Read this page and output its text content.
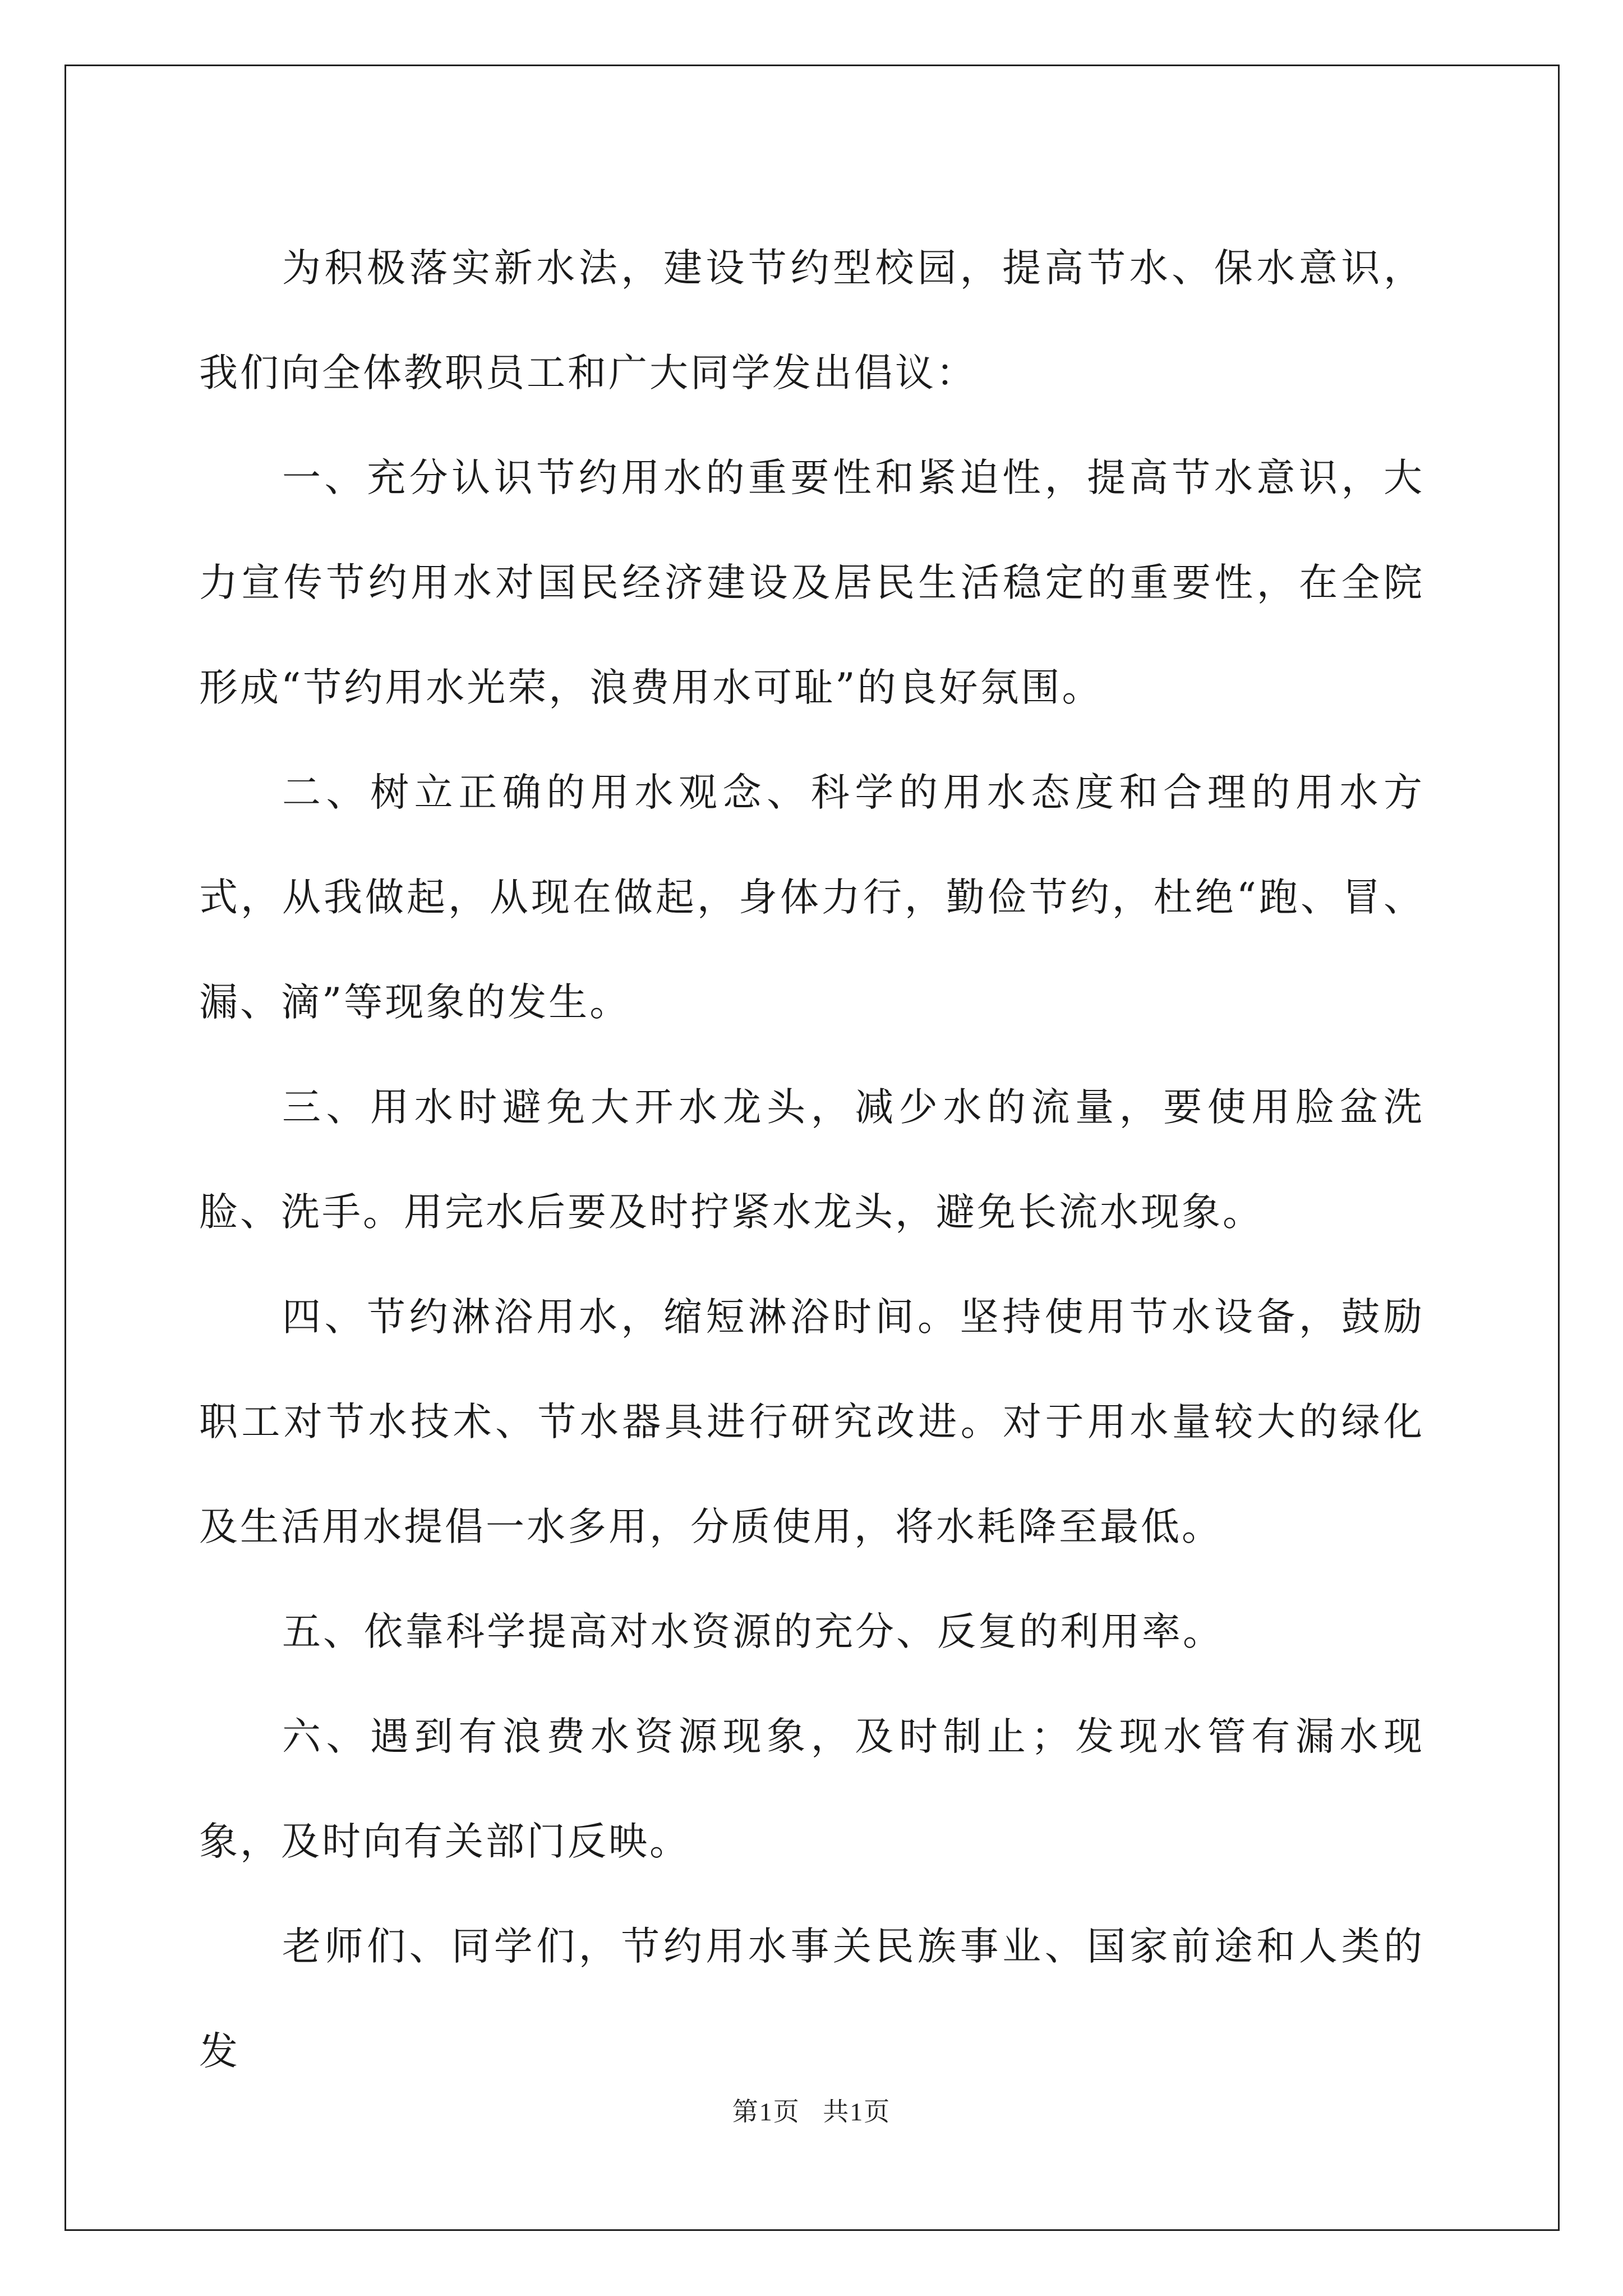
为积极落实新水法，建设节约型校园，提高节水、保水意识，我们向全体教职员工和广大同学发出倡议：

一、充分认识节约用水的重要性和紧迫性，提高节水意识，大力宣传节约用水对国民经济建设及居民生活稳定的重要性，在全院形成“节约用水光荣，浪费用水可耻”的良好氛围。

二、树立正确的用水观念、科学的用水态度和合理的用水方式，从我做起，从现在做起，身体力行，勤俭节约，杜绝“跑、冒、漏、滴”等现象的发生。

三、用水时避免大开水龙头，减少水的流量，要使用脸盆洗脸、洗手。用完水后要及时拧紧水龙头，避免长流水现象。

四、节约淋浴用水，缩短淋浴时间。坚持使用节水设备，鼓励职工对节水技术、节水器具进行研究改进。对于用水量较大的绿化及生活用水提倡一水多用，分质使用，将水耗降至最低。

五、依靠科学提高对水资源的充分、反复的利用率。

六、遇到有浪费水资源现象，及时制止；发现水管有漏水现象，及时向有关部门反映。

老师们、同学们，节约用水事关民族事业、国家前途和人类的发

第1页 共1页
